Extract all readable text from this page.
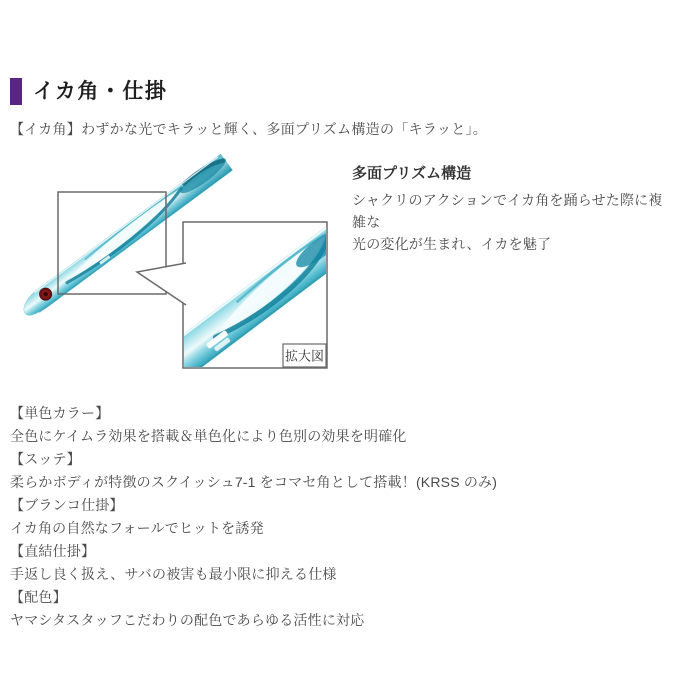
イカ角・仕掛

【イカ角】わずかな光でキラッと輝く、多面プリズム構造の「キラッと」。

拡大図
多面プリズム構造
シャクリのアクションでイカ角を踊らせた際に複雑な
光の変化が生まれ、イカを魅了
【単色カラー】
全色にケイムラ効果を搭載＆単色化により色別の効果を明確化
【スッテ】
柔らかボディが特徴のスクイッシュ7-1 をコマセ角として搭載！(KRSS のみ)
【ブランコ仕掛】
イカ角の自然なフォールでヒットを誘発
【直結仕掛】
手返し良く扱え、サバの被害も最小限に抑える仕様
【配色】
ヤマシタスタッフこだわりの配色であらゆる活性に対応
